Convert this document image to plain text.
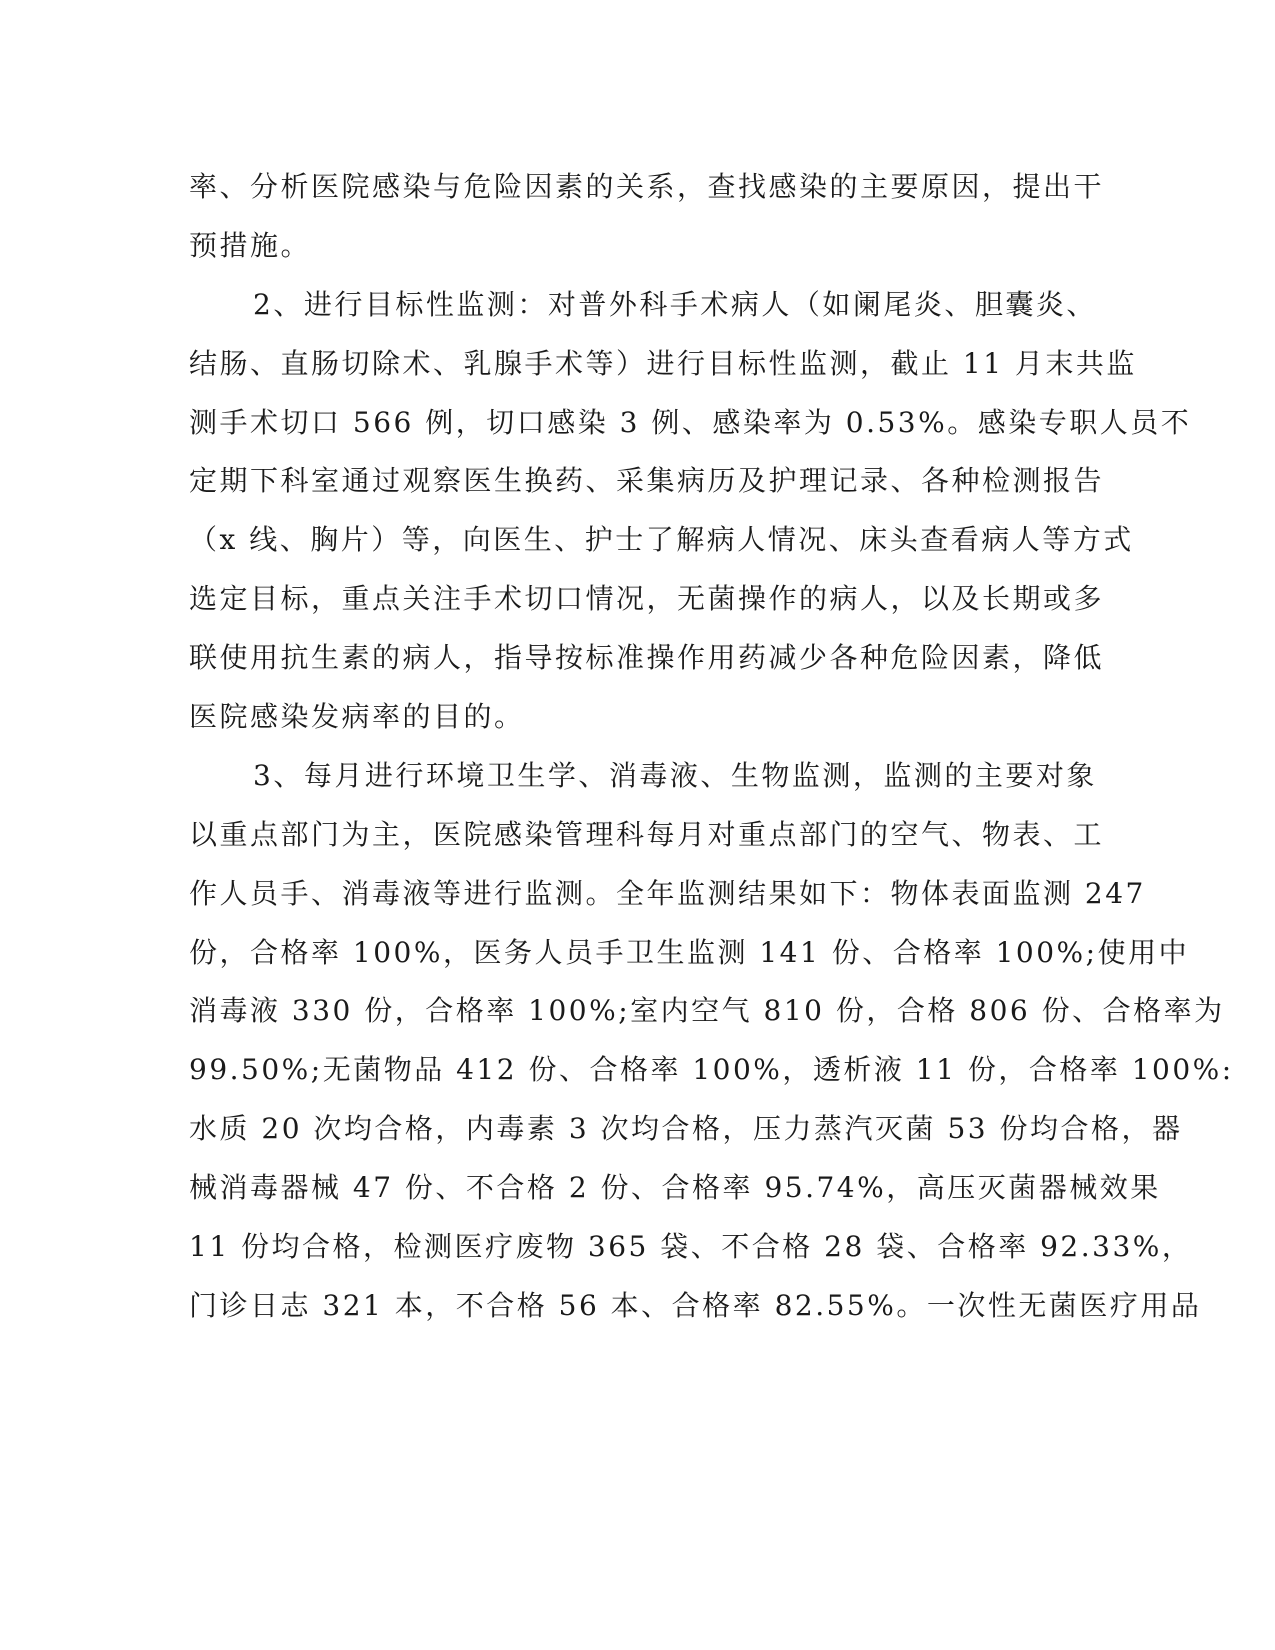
率、分析医院感染与危险因素的关系，查找感染的主要原因，提出干
预措施。
2、进行目标性监测：对普外科手术病人（如阑尾炎、胆囊炎、
结肠、直肠切除术、乳腺手术等）进行目标性监测，截止 11 月末共监
测手术切口 566 例，切口感染 3 例、感染率为 0.53%。感染专职人员不
定期下科室通过观察医生换药、采集病历及护理记录、各种检测报告
（x 线、胸片）等，向医生、护士了解病人情况、床头查看病人等方式
选定目标，重点关注手术切口情况，无菌操作的病人，以及长期或多
联使用抗生素的病人，指导按标准操作用药减少各种危险因素，降低
医院感染发病率的目的。
3、每月进行环境卫生学、消毒液、生物监测，监测的主要对象
以重点部门为主，医院感染管理科每月对重点部门的空气、物表、工
作人员手、消毒液等进行监测。全年监测结果如下：物体表面监测 247
份，合格率 100%，医务人员手卫生监测 141 份、合格率 100%;使用中
消毒液 330 份，合格率 100%;室内空气 810 份，合格 806 份、合格率为
99.50%;无菌物品 412 份、合格率 100%，透析液 11 份，合格率 100%:
水质 20 次均合格，内毒素 3 次均合格，压力蒸汽灭菌 53 份均合格，器
械消毒器械 47 份、不合格 2 份、合格率 95.74%，高压灭菌器械效果
11 份均合格，检测医疗废物 365 袋、不合格 28 袋、合格率 92.33%，
门诊日志 321 本，不合格 56 本、合格率 82.55%。一次性无菌医疗用品
